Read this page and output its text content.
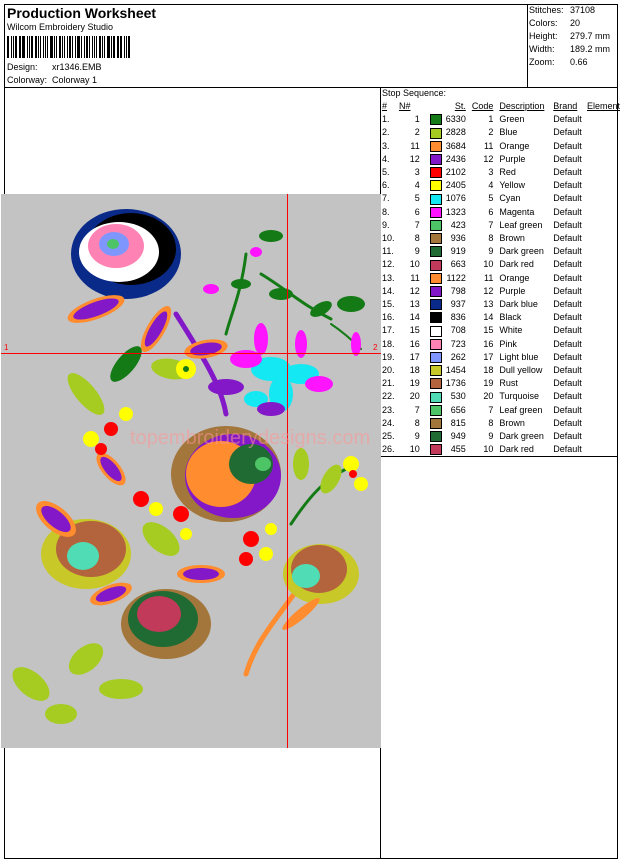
Production Worksheet
Wilcom Embroidery Studio
Design: xr1346.EMB
Colorway: Colorway 1
Stitches: 37108
Colors: 20
Height: 279.7 mm
Width: 189.2 mm
Zoom: 0.66
Stop Sequence:
#	N#		St.	Code	Description	Brand	Element
1.	1		6330	1	Green	Default	
2.	2		2828	2	Blue	Default	
3.	11		3684	11	Orange	Default	
4.	12		2436	12	Purple	Default	
5.	3		2102	3	Red	Default	
6.	4		2405	4	Yellow	Default	
7.	5		1076	5	Cyan	Default	
8.	6		1323	6	Magenta	Default	
9.	7		423	7	Leaf green	Default	
10.	8		936	8	Brown	Default	
11.	9		919	9	Dark green	Default	
12.	10		663	10	Dark red	Default	
13.	11		1122	11	Orange	Default	
14.	12		798	12	Purple	Default	
15.	13		937	13	Dark blue	Default	
16.	14		836	14	Black	Default	
17.	15		708	15	White	Default	
18.	16		723	16	Pink	Default	
19.	17		262	17	Light blue	Default	
20.	18		1454	18	Dull yellow	Default	
21.	19		1736	19	Rust	Default	
22.	20		530	20	Turquoise	Default	
23.	7		656	7	Leaf green	Default	
24.	8		815	8	Brown	Default	
25.	9		949	9	Dark green	Default	
26.	10		455	10	Dark red	Default	
1	2
topembroiderydesigns.com
